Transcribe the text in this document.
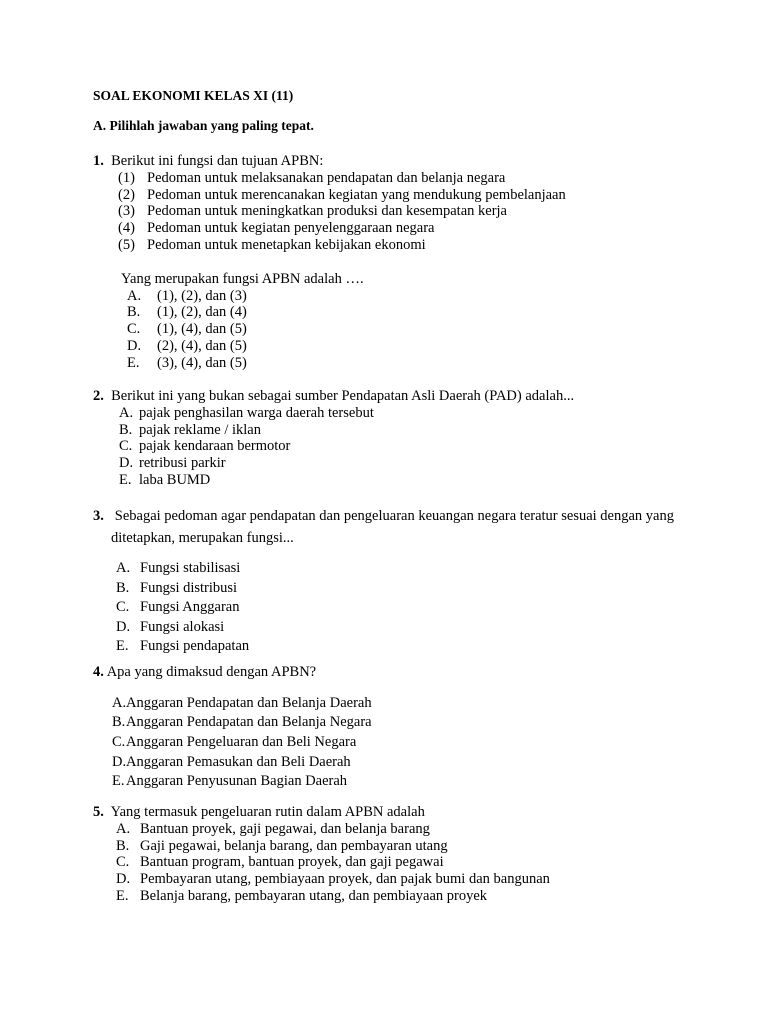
SOAL EKONOMI KELAS XI (11)
A. Pilihlah jawaban yang paling tepat.
1. Berikut ini fungsi dan tujuan APBN:
(1) Pedoman untuk melaksanakan pendapatan dan belanja negara
(2) Pedoman untuk merencanakan kegiatan yang mendukung pembelanjaan
(3) Pedoman untuk meningkatkan produksi dan kesempatan kerja
(4) Pedoman untuk kegiatan penyelenggaraan negara
(5) Pedoman untuk menetapkan kebijakan ekonomi
Yang merupakan fungsi APBN adalah ….
A. (1), (2), dan (3)
B. (1), (2), dan (4)
C. (1), (4), dan (5)
D. (2), (4), dan (5)
E. (3), (4), dan (5)
2. Berikut ini yang bukan sebagai sumber Pendapatan Asli Daerah (PAD) adalah...
A. pajak penghasilan warga daerah tersebut
B. pajak reklame / iklan
C. pajak kendaraan bermotor
D. retribusi parkir
E. laba BUMD
3. Sebagai pedoman agar pendapatan dan pengeluaran keuangan negara teratur sesuai dengan yang ditetapkan, merupakan fungsi...
A. Fungsi stabilisasi
B. Fungsi distribusi
C. Fungsi Anggaran
D. Fungsi alokasi
E. Fungsi pendapatan
4. Apa yang dimaksud dengan APBN?
A.Anggaran Pendapatan dan Belanja Daerah
B.Anggaran Pendapatan dan Belanja Negara
C.Anggaran Pengeluaran dan Beli Negara
D.Anggaran Pemasukan dan Beli Daerah
E. Anggaran Penyusunan Bagian Daerah
5. Yang termasuk pengeluaran rutin dalam APBN adalah
A. Bantuan proyek, gaji pegawai, dan belanja barang
B. Gaji pegawai, belanja barang, dan pembayaran utang
C. Bantuan program, bantuan proyek, dan gaji pegawai
D. Pembayaran utang, pembiayaan proyek, dan pajak bumi dan bangunan
E. Belanja barang, pembayaran utang, dan pembiayaan proyek
